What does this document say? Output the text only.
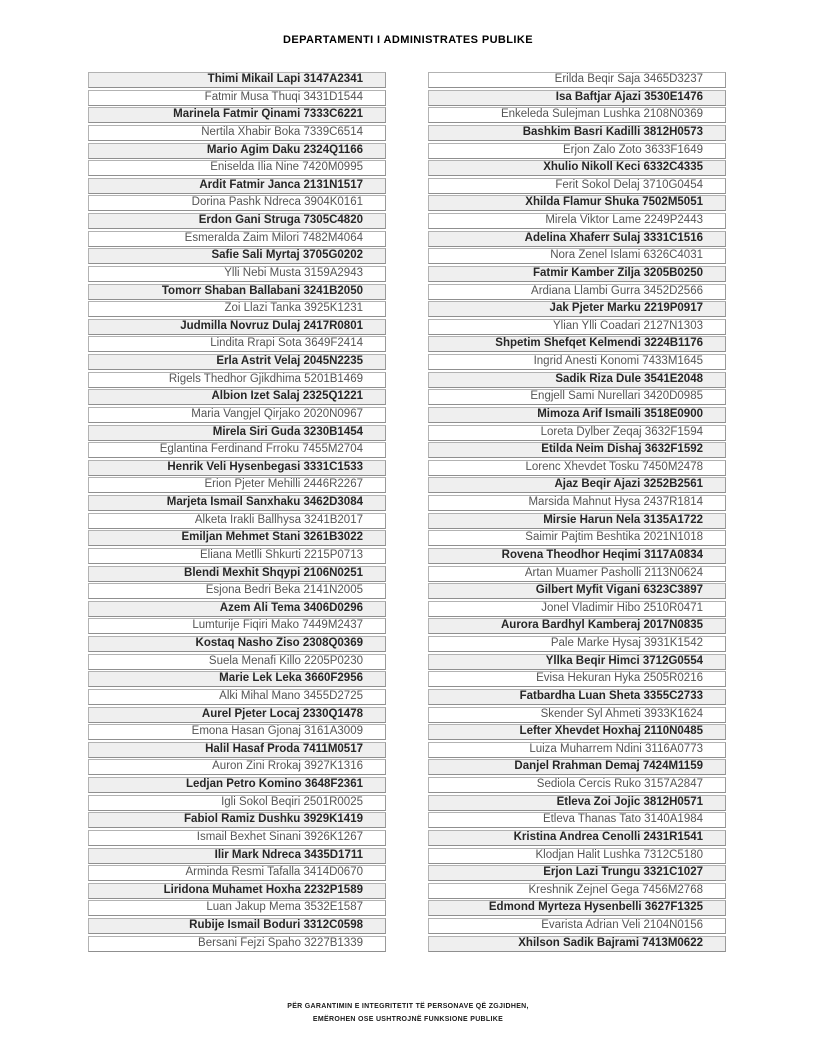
DEPARTAMENTI I ADMINISTRATES PUBLIKE
Thimi Mikail Lapi 3147A2341
Fatmir Musa Thuqi 3431D1544
Marinela Fatmir Qinami 7333C6221
Nertila Xhabir Boka 7339C6514
Mario Agim Daku 2324Q1166
Eniselda Ilia Nine 7420M0995
Ardit Fatmir Janca 2131N1517
Dorina Pashk Ndreca 3904K0161
Erdon Gani Struga 7305C4820
Esmeralda Zaim Milori 7482M4064
Safie Sali Myrtaj 3705G0202
Ylli Nebi Musta 3159A2943
Tomorr Shaban Ballabani 3241B2050
Zoi Llazi Tanka 3925K1231
Judmilla Novruz Dulaj 2417R0801
Lindita Rrapi Sota 3649F2414
Erla Astrit Velaj 2045N2235
Rigels Thedhor Gjikdhima 5201B1469
Albion Izet Salaj 2325Q1221
Maria Vangjel Qirjako 2020N0967
Mirela Siri Guda 3230B1454
Eglantina Ferdinand Frroku 7455M2704
Henrik Veli Hysenbegasi 3331C1533
Erion Pjeter Mehilli 2446R2267
Marjeta Ismail Sanxhaku 3462D3084
Alketa Irakli Ballhysa 3241B2017
Emiljan Mehmet Stani 3261B3022
Eliana Metlli Shkurti 2215P0713
Blendi Mexhit Shqypi 2106N0251
Esjona Bedri Beka 2141N2005
Azem Ali Tema 3406D0296
Lumturije Fiqiri Mako 7449M2437
Kostaq Nasho Ziso 2308Q0369
Suela Menafi Killo 2205P0230
Marie Lek Leka 3660F2956
Alki Mihal Mano 3455D2725
Aurel Pjeter Locaj 2330Q1478
Emona Hasan Gjonaj 3161A3009
Halil Hasaf Proda 7411M0517
Auron Zini Rrokaj 3927K1316
Ledjan Petro Komino 3648F2361
Igli Sokol Beqiri 2501R0025
Fabiol Ramiz Dushku 3929K1419
Ismail Bexhet Sinani 3926K1267
Ilir Mark Ndreca 3435D1711
Arminda Resmi Tafalla 3414D0670
Liridona Muhamet Hoxha 2232P1589
Luan Jakup Mema 3532E1587
Rubije Ismail Boduri 3312C0598
Bersani Fejzi Spaho 3227B1339
Erilda Beqir Saja 3465D3237
Isa Baftjar Ajazi 3530E1476
Enkeleda Sulejman Lushka 2108N0369
Bashkim Basri Kadilli 3812H0573
Erjon Zalo Zoto 3633F1649
Xhulio Nikoll Keci 6332C4335
Ferit Sokol Delaj 3710G0454
Xhilda Flamur Shuka 7502M5051
Mirela Viktor Lame 2249P2443
Adelina Xhaferr Sulaj 3331C1516
Nora Zenel Islami 6326C4031
Fatmir Kamber Zilja 3205B0250
Ardiana Llambi Gurra 3452D2566
Jak Pjeter Marku 2219P0917
Ylian Ylli Coadari 2127N1303
Shpetim Shefqet Kelmendi 3224B1176
Ingrid Anesti Konomi 7433M1645
Sadik Riza Dule 3541E2048
Engjell Sami Nurellari 3420D0985
Mimoza Arif Ismaili 3518E0900
Loreta Dylber Zeqaj 3632F1594
Etilda Neim Dishaj 3632F1592
Lorenc Xhevdet Tosku 7450M2478
Ajaz Beqir Ajazi 3252B2561
Marsida Mahnut Hysa 2437R1814
Mirsie Harun Nela 3135A1722
Saimir Pajtim Beshtika 2021N1018
Rovena Theodhor Heqimi 3117A0834
Artan Muamer Pasholli 2113N0624
Gilbert Myfit Vigani 6323C3897
Jonel Vladimir Hibo 2510R0471
Aurora Bardhyl Kamberaj 2017N0835
Pale Marke Hysaj 3931K1542
Yllka Beqir Himci 3712G0554
Evisa Hekuran Hyka 2505R0216
Fatbardha Luan Sheta 3355C2733
Skender Syl Ahmeti 3933K1624
Lefter Xhevdet Hoxhaj 2110N0485
Luiza Muharrem Ndini 3116A0773
Danjel Rrahman Demaj 7424M1159
Sediola Cercis Ruko 3157A2847
Etleva Zoi Jojic 3812H0571
Etleva Thanas Tato 3140A1984
Kristina Andrea Cenolli 2431R1541
Klodjan Halit Lushka 7312C5180
Erjon Lazi Trungu 3321C1027
Kreshnik Zejnel Gega 7456M2768
Edmond Myrteza Hysenbelli 3627F1325
Evarista Adrian Veli 2104N0156
Xhilson Sadik Bajrami 7413M0622
PËR GARANTIMIN E INTEGRITETIT TË PERSONAVE QË ZGJIDHEN,
EMËROHEN OSE USHTROJNË FUNKSIONE PUBLIKE
